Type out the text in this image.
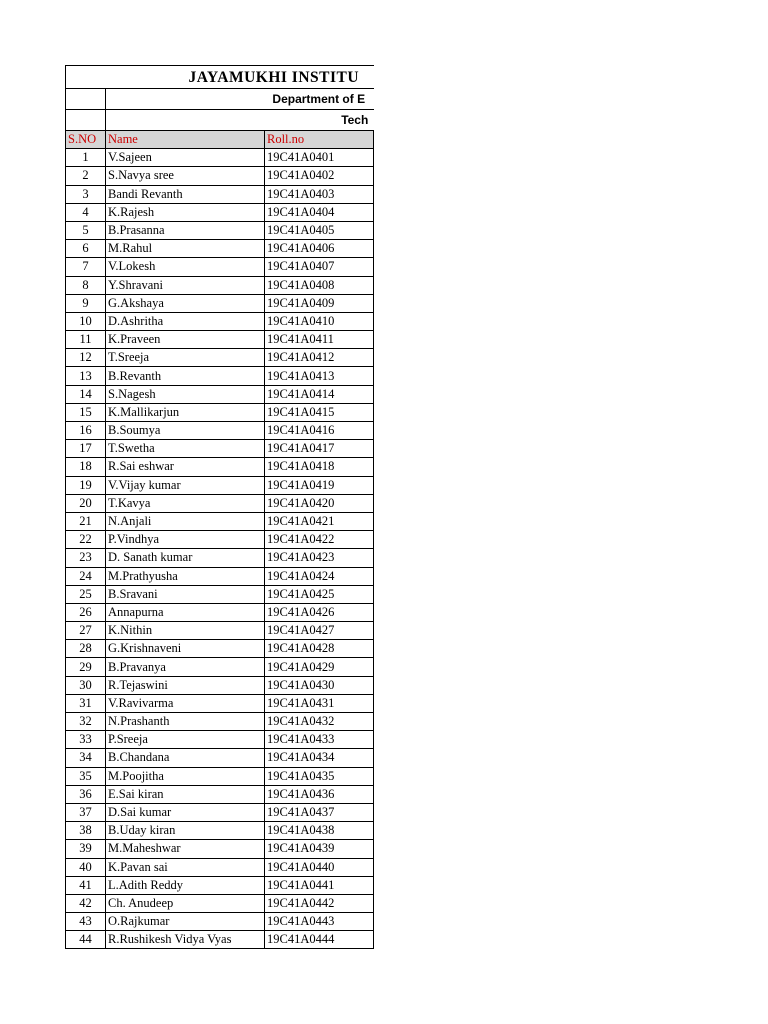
JAYAMUKHI INSTITU		
	Department of E	
	Tech	
S.NO	Name	Roll.no
1	V.Sajeen	19C41A0401
2	S.Navya sree	19C41A0402
3	Bandi Revanth	19C41A0403
4	K.Rajesh	19C41A0404
5	B.Prasanna	19C41A0405
6	M.Rahul	19C41A0406
7	V.Lokesh	19C41A0407
8	Y.Shravani	19C41A0408
9	G.Akshaya	19C41A0409
10	D.Ashritha	19C41A0410
11	K.Praveen	19C41A0411
12	T.Sreeja	19C41A0412
13	B.Revanth	19C41A0413
14	S.Nagesh	19C41A0414
15	K.Mallikarjun	19C41A0415
16	B.Soumya	19C41A0416
17	T.Swetha	19C41A0417
18	R.Sai eshwar	19C41A0418
19	V.Vijay kumar	19C41A0419
20	T.Kavya	19C41A0420
21	N.Anjali	19C41A0421
22	P.Vindhya	19C41A0422
23	D. Sanath kumar	19C41A0423
24	M.Prathyusha	19C41A0424
25	B.Sravani	19C41A0425
26	Annapurna	19C41A0426
27	K.Nithin	19C41A0427
28	G.Krishnaveni	19C41A0428
29	B.Pravanya	19C41A0429
30	R.Tejaswini	19C41A0430
31	V.Ravivarma	19C41A0431
32	N.Prashanth	19C41A0432
33	P.Sreeja	19C41A0433
34	B.Chandana	19C41A0434
35	M.Poojitha	19C41A0435
36	E.Sai kiran	19C41A0436
37	D.Sai kumar	19C41A0437
38	B.Uday kiran	19C41A0438
39	M.Maheshwar	19C41A0439
40	K.Pavan sai	19C41A0440
41	L.Adith Reddy	19C41A0441
42	Ch. Anudeep	19C41A0442
43	O.Rajkumar	19C41A0443
44	R.Rushikesh Vidya Vyas	19C41A0444
